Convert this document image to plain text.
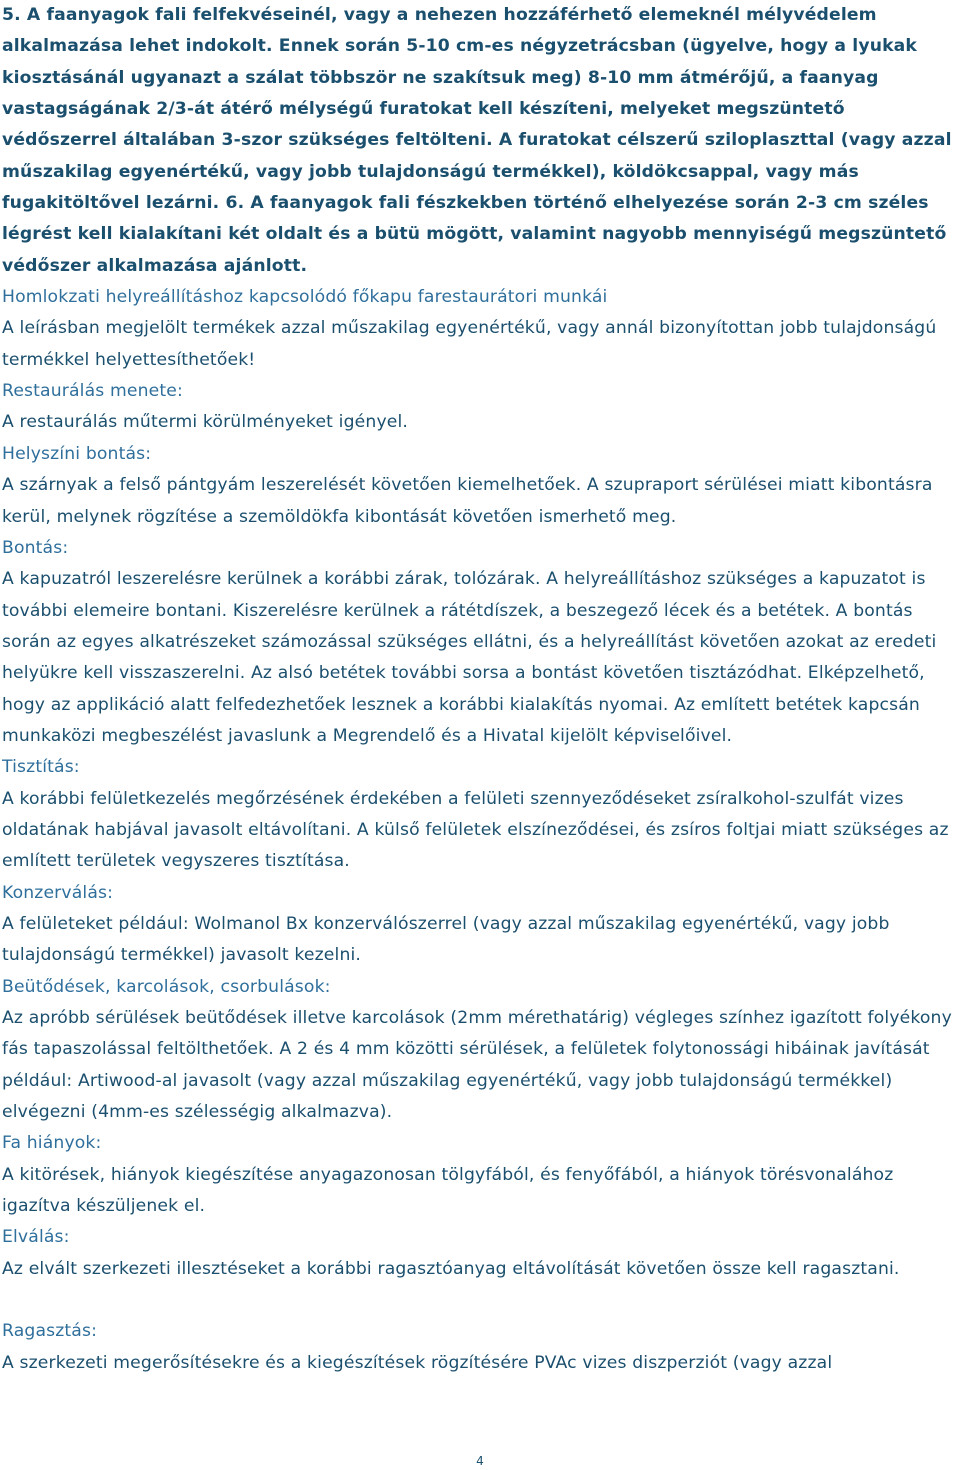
5. A faanyagok fali felfekvéseinél, vagy a nehezen hozzáférhető elemeknél mélyvédelem alkalmazása lehet indokolt. Ennek során 5-10 cm-es négyzetrácsban (ügyelve, hogy a lyukak kiosztásánál ugyanazt a szálat többször ne szakítsuk meg) 8-10 mm átmérőjű, a faanyag vastagságának 2/3-át átérő mélységű furatokat kell készíteni, melyeket megszüntető védőszerrel általában 3-szor szükséges feltölteni. A furatokat célszerű sziloplaszttal (vagy azzal műszakilag egyenértékű, vagy jobb tulajdonságú termékkel), köldökcsappal, vagy más fugakitöltővel lezárni. 6. A faanyagok fali fészkekben történő elhelyezése során 2-3 cm széles légrést kell kialakítani két oldalt és a bütü mögött, valamint nagyobb mennyiségű megszüntető védőszer alkalmazása ajánlott.

Homlokzati helyreállításhoz kapcsolódó főkapu farestaurátori munkái

A leírásban megjelölt termékek azzal műszakilag egyenértékű, vagy annál bizonyítottan jobb tulajdonságú termékkel helyettesíthetőek!

Restaurálás menete:

A restaurálás műtermi körülményeket igényel.

Helyszíni bontás:

A szárnyak a felső pántgyám leszerelését követően kiemelhetőek. A szupraport sérülései miatt kibontásra kerül, melynek rögzítése a szemöldökfa kibontását követően ismerhető meg.

Bontás:

A kapuzatról leszerelésre kerülnek a korábbi zárak, tolózárak. A helyreállításhoz szükséges a kapuzatot is további elemeire bontani. Kiszerelésre kerülnek a rátétdíszek, a beszegező lécek és a betétek. A bontás során az egyes alkatrészeket számozással szükséges ellátni, és a helyreállítást követően azokat az eredeti helyükre kell visszaszerelni. Az alsó betétek további sorsa a bontást követően tisztázódhat. Elképzelhető, hogy az applikáció alatt felfedezhetőek lesznek a korábbi kialakítás nyomai. Az említett betétek kapcsán munkaközi megbeszélést javaslunk a Megrendelő és a Hivatal kijelölt képviselőivel.

Tisztítás:

A korábbi felületkezelés megőrzésének érdekében a felületi szennyeződéseket zsíralkohol-szulfát vizes oldatának habjával javasolt eltávolítani. A külső felületek elszíneződései, és zsíros foltjai miatt szükséges az említett területek vegyszeres tisztítása.

Konzerválás:

A felületeket például: Wolmanol Bx konzerválószerrel (vagy azzal műszakilag egyenértékű, vagy jobb tulajdonságú termékkel) javasolt kezelni.

Beütődések, karcolások, csorbulások:

Az apróbb sérülések beütődések illetve karcolások (2mm mérethatárig) végleges színhez igazított folyékony fás tapaszolással feltölthetőek. A 2 és 4 mm közötti sérülések, a felületek folytonossági hibáinak javítását például: Artiwood-al javasolt (vagy azzal műszakilag egyenértékű, vagy jobb tulajdonságú termékkel) elvégezni (4mm-es szélességig alkalmazva).

Fa hiányok:

A kitörések, hiányok kiegészítése anyagazonosan tölgyfából, és fenyőfából, a hiányok törésvonalához igazítva készüljenek el.

Elválás:

Az elvált szerkezeti illesztéseket a korábbi ragasztóanyag eltávolítását követően össze kell ragasztani.

Ragasztás:

A szerkezeti megerősítésekre és a kiegészítések rögzítésére PVAc vizes diszperziót (vagy azzal

4
